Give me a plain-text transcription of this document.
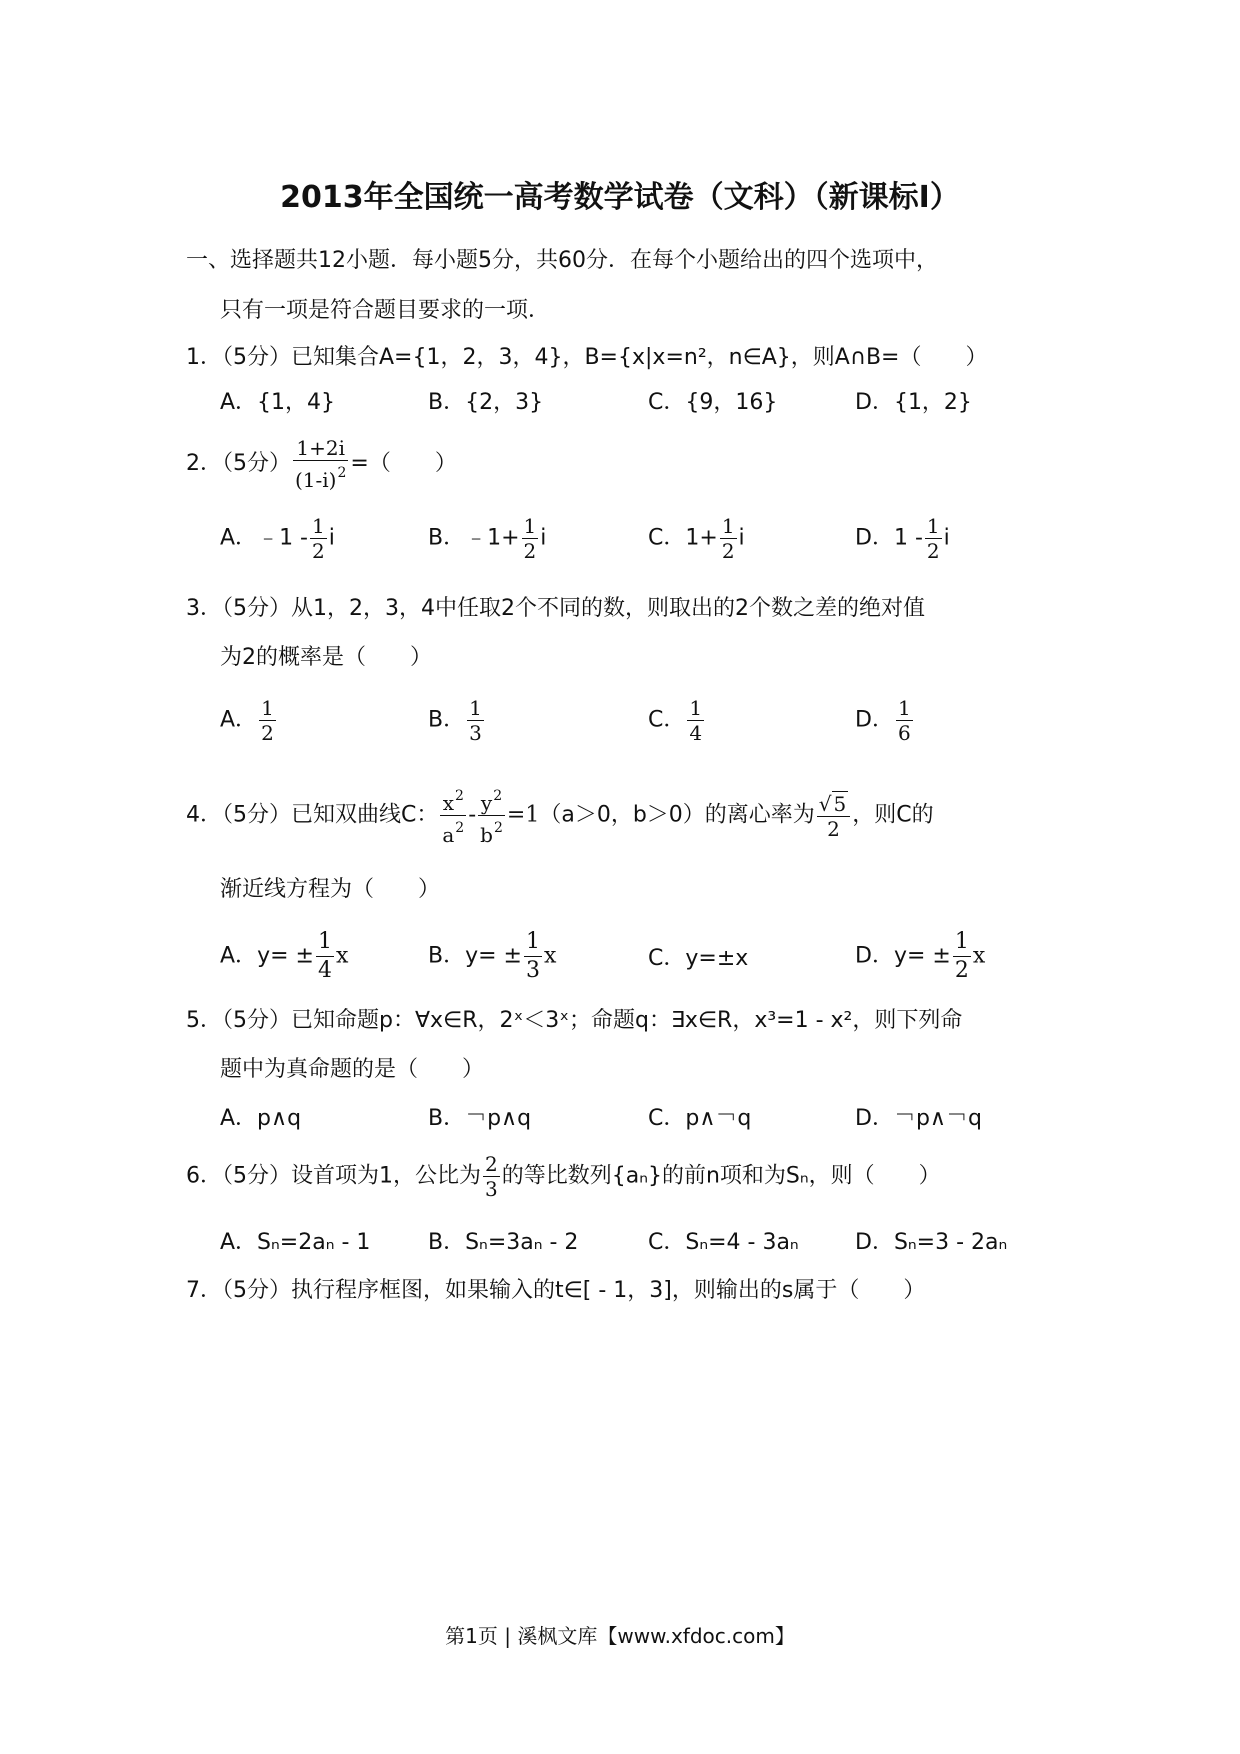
2013年全国统一高考数学试卷（文科）（新课标Ⅰ）
一、选择题共12小题．每小题5分，共60分．在每个小题给出的四个选项中，
只有一项是符合题目要求的一项．
1．（5分）已知集合A={1，2，3，4}，B={x|x=n²，n∈A}，则A∩B=（　　）
A．{1，4}	B．{2，3}	C．{9，16}	D．{1，2}
2．（5分） $\frac{1+2i}{(1-i)^2}$ =（　　）
A．﹣1 - $\frac{1}{2}$ i	B．﹣1+ $\frac{1}{2}$ i	C．$1+ \frac{1}{2}$ i	D．$1 - \frac{1}{2}$ i
3．（5分）从1，2，3，4中任取2个不同的数，则取出的2个数之差的绝对值
为2的概率是（　　）
A． $\frac{1}{2}$	B． $\frac{1}{3}$	C． $\frac{1}{4}$	D． $\frac{1}{6}$
4．（5分）已知双曲线C： $\frac{x^2}{a^2} - \frac{y^2}{b^2} =1(a>0$，b＞0）的离心率为 $\frac{√ 5}{2}$ ，则C的
渐近线方程为（　　）
A．$y= \pm \frac{1}{4}$ x	B．$y= \pm \frac{1}{3}$ x	C．y=±x	D．$y= \pm \frac{1}{2}$ x
5．（5分）已知命题p：∀x∈R，2ˣ＜3ˣ；命题q：∃x∈R，x³=1 - x²，则下列命
题中为真命题的是（　　）
A．p∧q	B．￢p∧q	C．p∧￢q	D．￢p∧￢q
6．（5分）设首项为1，公比为 $\frac{2}{3}$ 的等比数列{aₙ}的前n项和为Sₙ，则（　　）
A．Sₙ=2aₙ - 1	B．Sₙ=3aₙ - 2	C．Sₙ=4 - 3aₙ	D．Sₙ=3 - 2aₙ
7．（5分）执行程序框图，如果输入的t∈[ - 1，3]，则输出的s属于（　　）
第1页 | 溪枫文库【www.xfdoc.com】
